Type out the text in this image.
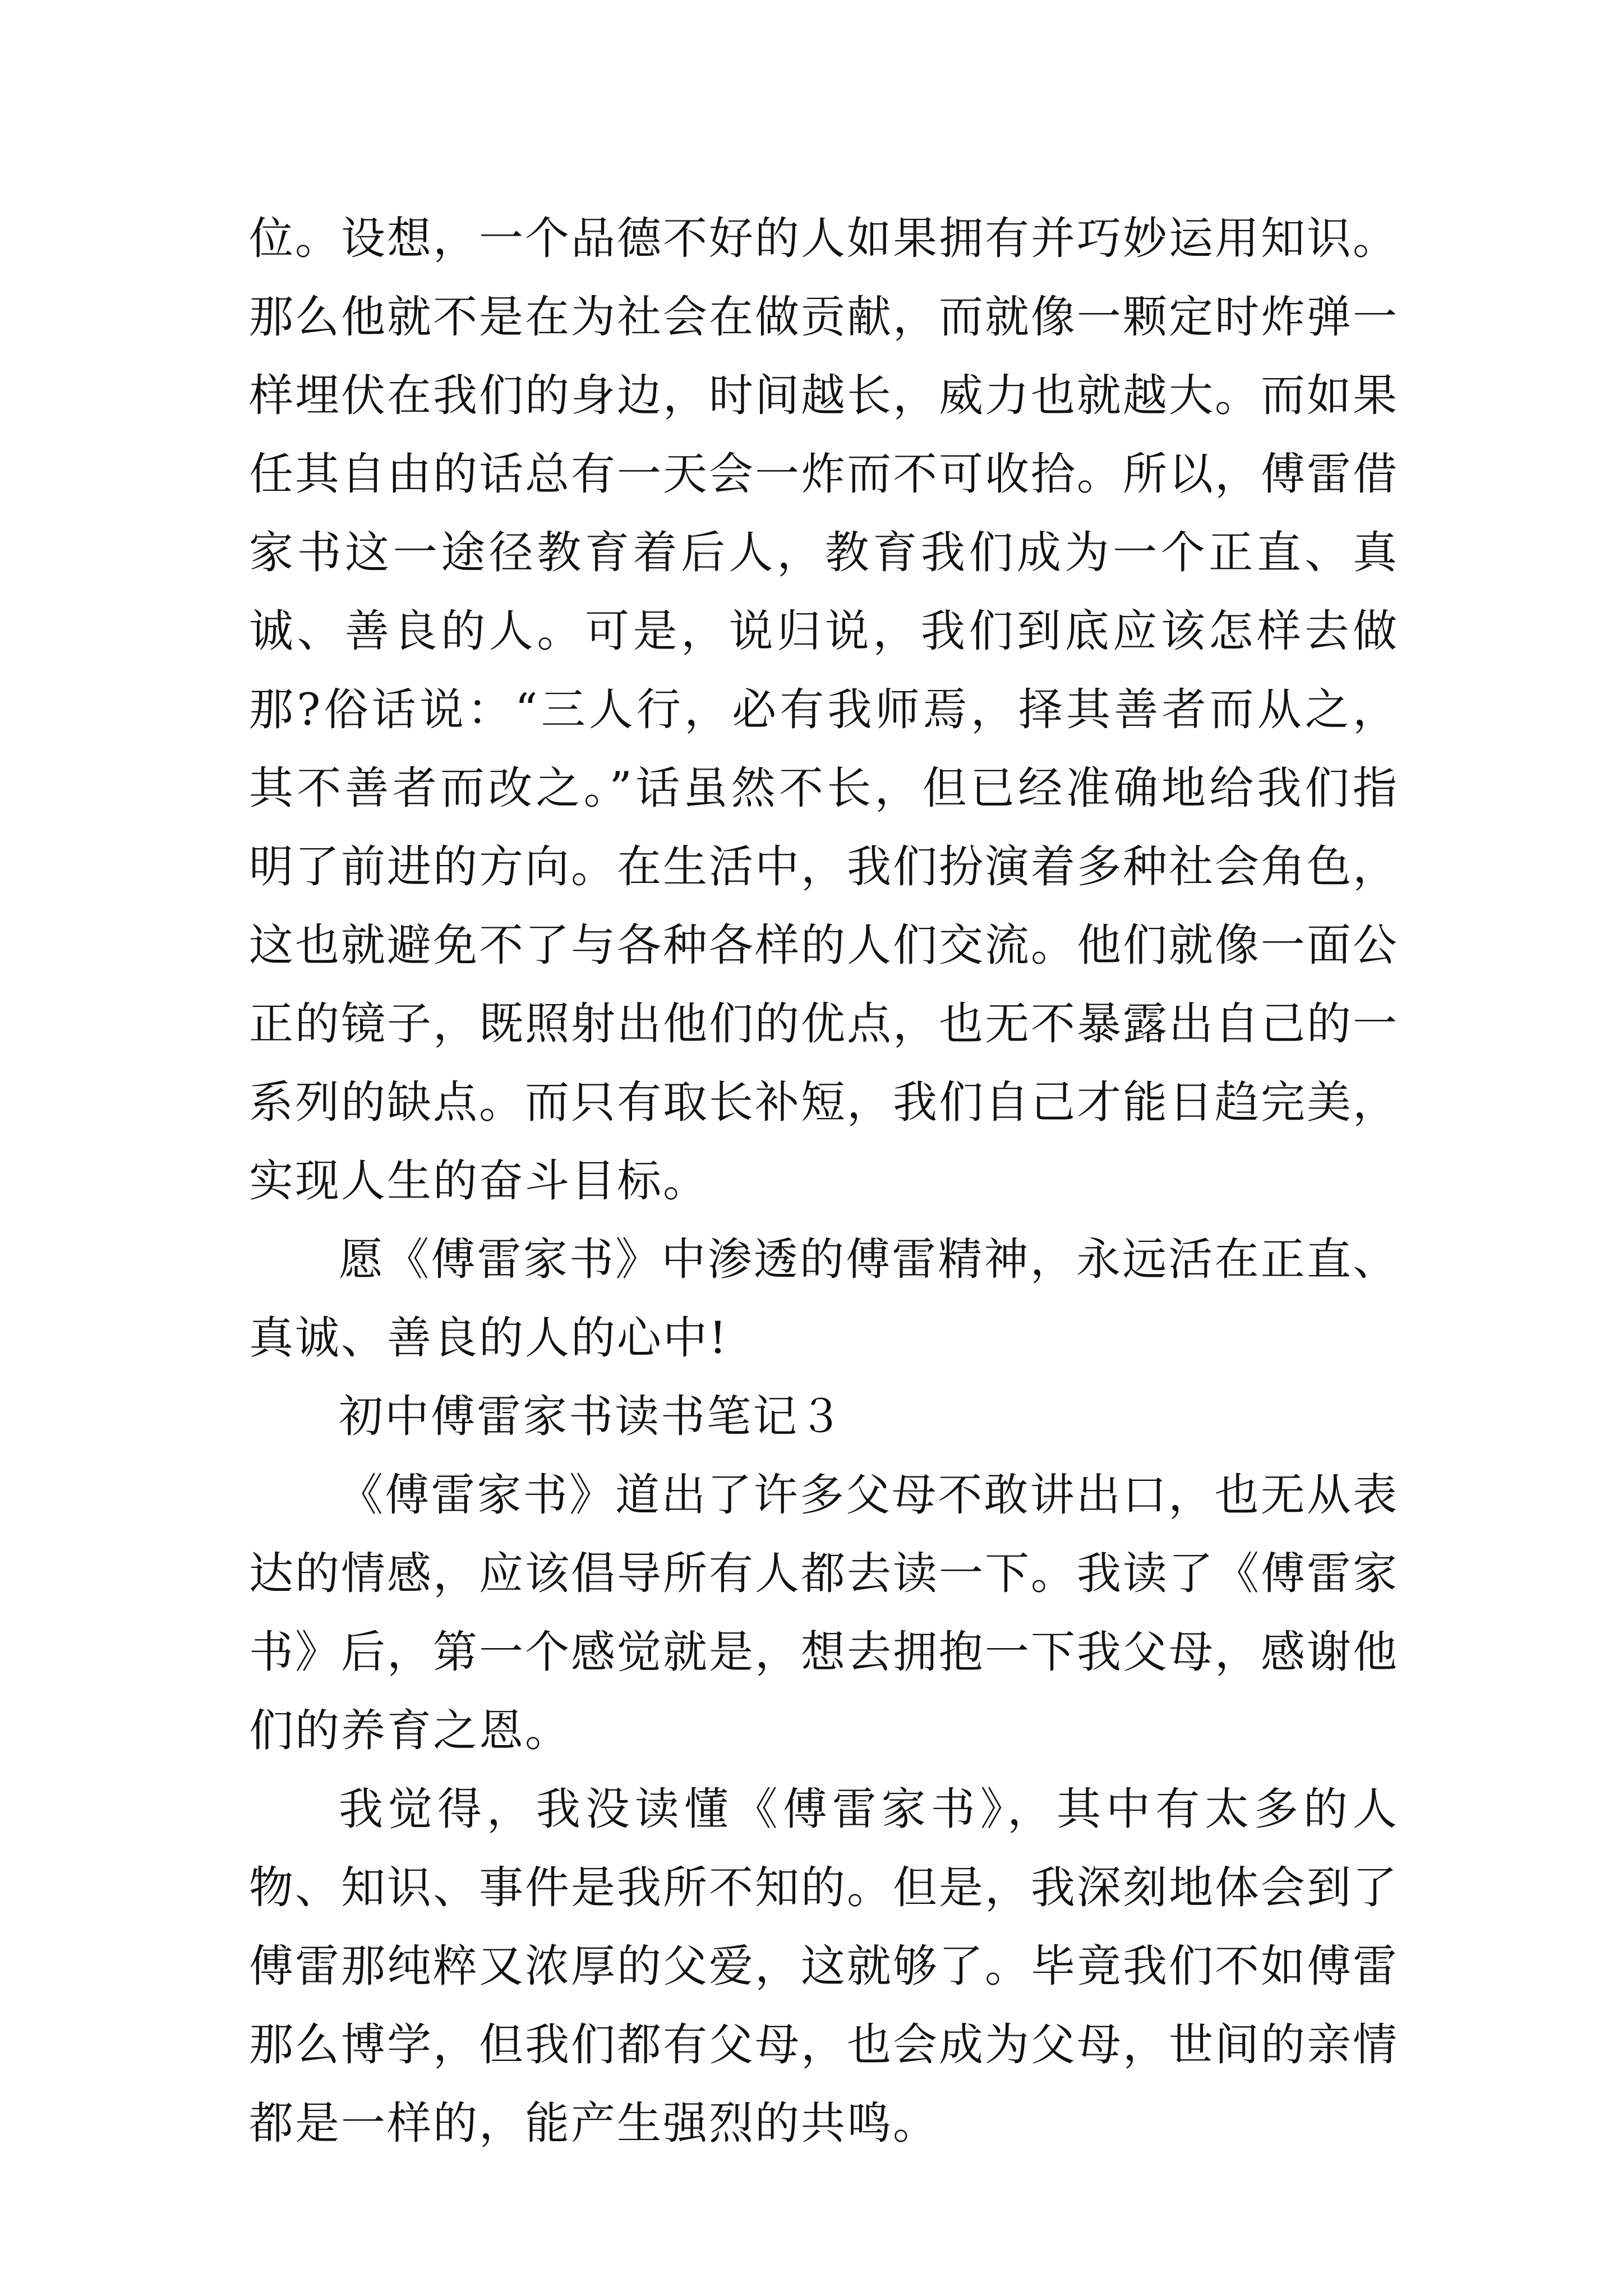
位。设想，一个品德不好的人如果拥有并巧妙运用知识。那么他就不是在为社会在做贡献，而就像一颗定时炸弹一样埋伏在我们的身边，时间越长，威力也就越大。而如果任其自由的话总有一天会一炸而不可收拾。所以，傅雷借家书这一途径教育着后人，教育我们成为一个正直、真诚、善良的人。可是，说归说，我们到底应该怎样去做那?俗话说：“三人行，必有我师焉，择其善者而从之，其不善者而改之。”话虽然不长，但已经准确地给我们指明了前进的方向。在生活中，我们扮演着多种社会角色，这也就避免不了与各种各样的人们交流。他们就像一面公正的镜子，既照射出他们的优点，也无不暴露出自己的一系列的缺点。而只有取长补短，我们自己才能日趋完美，实现人生的奋斗目标。

愿《傅雷家书》中渗透的傅雷精神，永远活在正直、真诚、善良的人的心中!

初中傅雷家书读书笔记３

《傅雷家书》道出了许多父母不敢讲出口，也无从表达的情感，应该倡导所有人都去读一下。我读了《傅雷家书》后，第一个感觉就是，想去拥抱一下我父母，感谢他们的养育之恩。

我觉得，我没读懂《傅雷家书》，其中有太多的人物、知识、事件是我所不知的。但是，我深刻地体会到了傅雷那纯粹又浓厚的父爱，这就够了。毕竟我们不如傅雷那么博学，但我们都有父母，也会成为父母，世间的亲情都是一样的，能产生强烈的共鸣。
